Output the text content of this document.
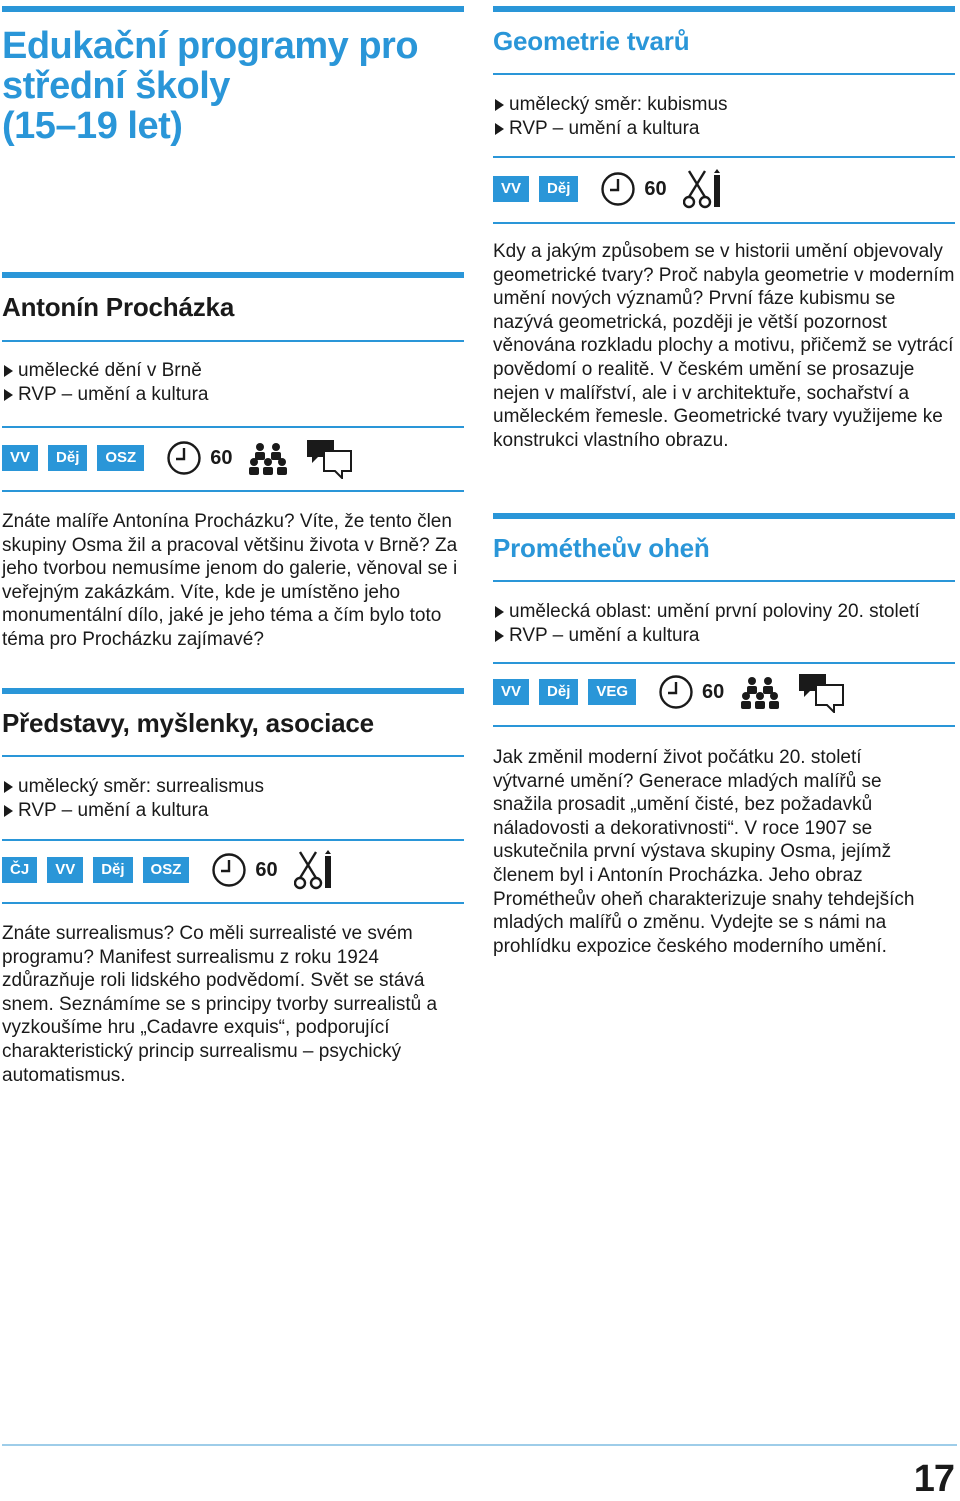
Edukační programy pro
střední školy
(15–19 let)
Antonín Procházka
umělecké dění v Brně
RVP – umění a kultura
VV	Děj	OSZ	60
Znáte malíře Antonína Procházku? Víte, že tento člen skupiny Osma žil a pracoval většinu života v Brně? Za jeho tvorbou nemusíme jenom do galerie, věnoval se i veřejným zakázkám. Víte, kde je umístěno jeho monumentální dílo, jaké je jeho téma a čím bylo toto téma pro Procházku zajímavé?
Představy, myšlenky, asociace
umělecký směr: surrealismus
RVP – umění a kultura
ČJ	VV	Děj	OSZ	60
Znáte surrealismus? Co měli surrealisté ve svém programu? Manifest surrealismu z roku 1924 zdůrazňuje roli lidského podvědomí. Svět se stává snem. Seznámíme se s principy tvorby surrealistů a vyzkoušíme hru „Cadavre exquis“, podporující charakteristický princip surrealismu – psychický automatismus.
Geometrie tvarů
umělecký směr: kubismus
RVP – umění a kultura
VV	Děj	60
Kdy a jakým způsobem se v historii umění objevovaly geometrické tvary? Proč nabyla geometrie v moderním umění nových významů? První fáze kubismu se nazývá geometrická, později je větší pozornost věnována rozkladu plochy a motivu, přičemž se vytrácí povědomí o realitě. V českém umění se prosazuje nejen v malířství, ale i v architektuře, sochařství a uměleckém řemesle. Geometrické tvary využijeme ke konstrukci vlastního obrazu.
Prométheův oheň
umělecká oblast: umění první poloviny 20. století
RVP – umění a kultura
VV	Děj	VEG	60
Jak změnil moderní život počátku 20. století výtvarné umění? Generace mladých malířů se snažila prosadit „umění čisté, bez požadavků náladovosti a dekorativnosti“. V roce 1907 se uskutečnila první výstava skupiny Osma, jejímž členem byl i Antonín Procházka. Jeho obraz Prométheův oheň charakterizuje snahy tehdejších mladých malířů o změnu. Vydejte se s námi na prohlídku expozice českého moderního umění.
17
